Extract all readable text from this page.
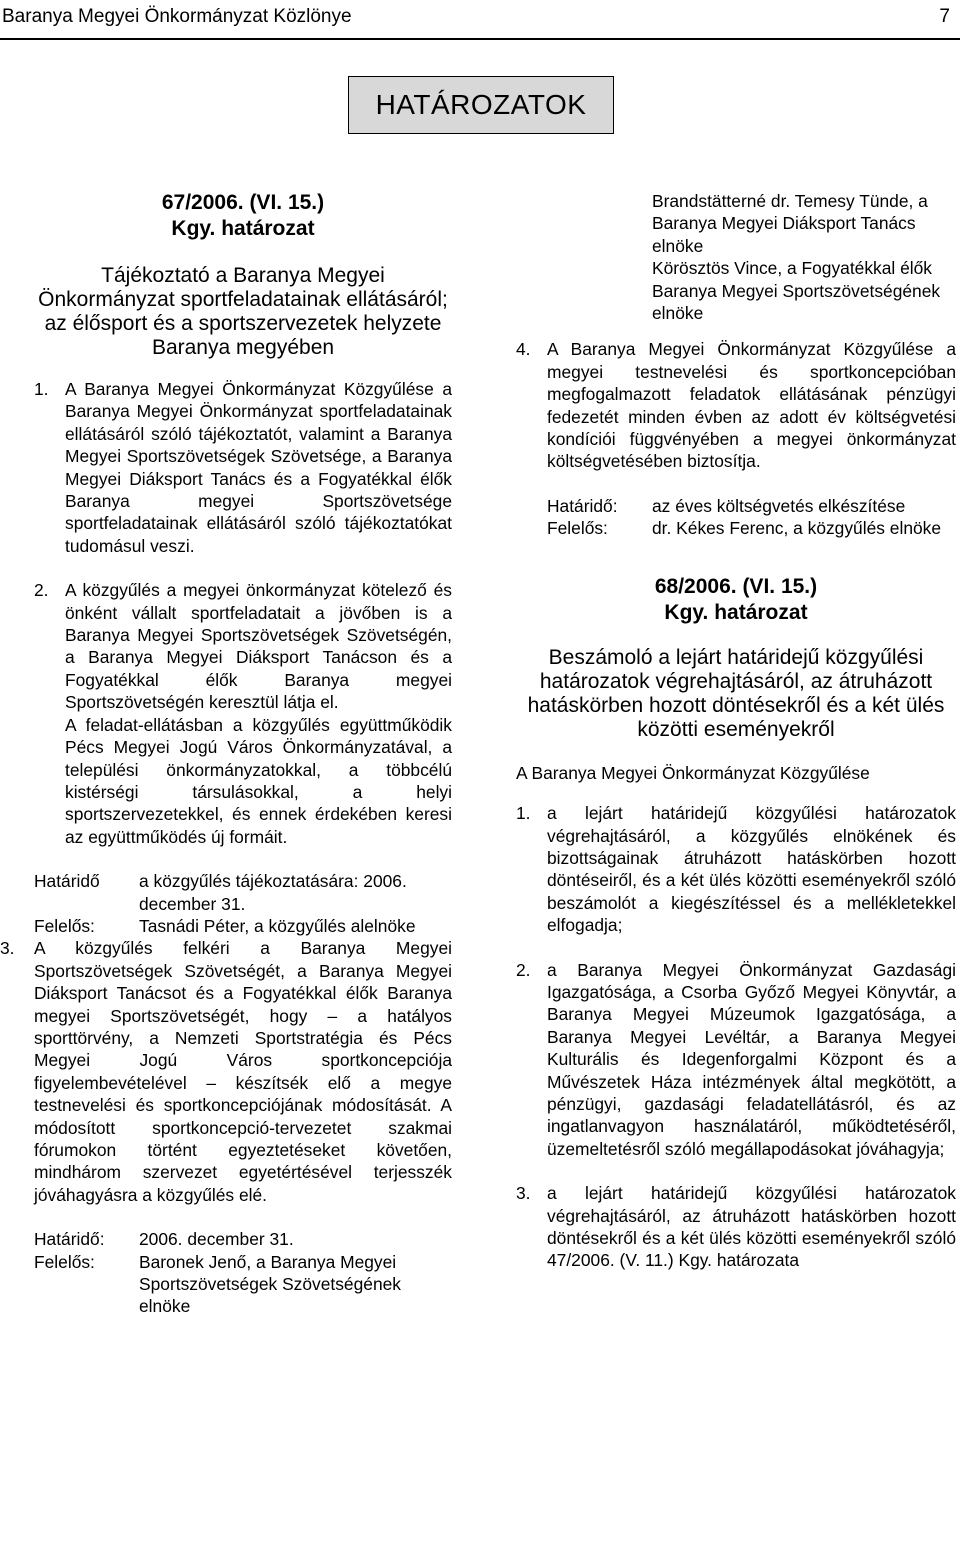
Baranya Megyei Önkormányzat Közlönye	7
HATÁROZATOK
67/2006. (VI. 15.)
Kgy. határozat
Tájékoztató a Baranya Megyei Önkormányzat sportfeladatainak ellátásáról; az élősport és a sportszervezetek helyzete Baranya megyében
1. A Baranya Megyei Önkormányzat Közgyűlése a Baranya Megyei Önkormányzat sportfeladatainak ellátásáról szóló tájékoztatót, valamint a Baranya Megyei Sportszövetségek Szövetsége, a Baranya Megyei Diáksport Tanács és a Fogyatékkal élők Baranya megyei Sportszövetsége sportfeladatainak ellátásáról szóló tájékoztatókat tudomásul veszi.
2. A közgyűlés a megyei önkormányzat kötelező és önként vállalt sportfeladatait a jövőben is a Baranya Megyei Sportszövetségek Szövetségén, a Baranya Megyei Diáksport Tanácson és a Fogyatékkal élők Baranya megyei Sportszövetségén keresztül látja el.
A feladat-ellátásban a közgyűlés együttműködik Pécs Megyei Jogú Város Önkormányzatával, a települési önkormányzatokkal, a többcélú kistérségi társulásokkal, a helyi sportszervezetekkel, és ennek érdekében keresi az együttműködés új formáit.
Határidő	a közgyűlés tájékoztatására: 2006. december 31.
Felelős:	Tasnádi Péter, a közgyűlés alelnöke
3.	A közgyűlés felkéri a Baranya Megyei Sportszövetségek Szövetségét, a Baranya Megyei Diáksport Tanácsot és a Fogyatékkal élők Baranya megyei Sportszövetségét, hogy – a hatályos sporttörvény, a Nemzeti Sportstratégia és Pécs Megyei Jogú Város sportkoncepciója figyelembevételével – készítsék elő a megye testnevelési és sportkoncepciójának módosítását. A módosított sportkoncepció-tervezetet szakmai fórumokon történt egyeztetéseket követően, mindhárom szervezet egyetértésével terjesszék jóváhagyásra a közgyűlés elé.
Határidő:	2006. december 31.
Felelős:	Baronek Jenő, a Baranya Megyei Sportszövetségek Szövetségének elnöke
Brandstätterné dr. Temesy Tünde, a Baranya Megyei Diáksport Tanács elnöke
Körösztös Vince, a Fogyatékkal élők Baranya Megyei Sportszövetségének elnöke
4. A Baranya Megyei Önkormányzat Közgyűlése a megyei testnevelési és sportkoncepcióban megfogalmazott feladatok ellátásának pénzügyi fedezetét minden évben az adott év költségvetési kondíciói függvényében a megyei önkormányzat költségvetésében biztosítja.
Határidő:	az éves költségvetés elkészítése
Felelős:	dr. Kékes Ferenc, a közgyűlés elnöke
68/2006. (VI. 15.)
Kgy. határozat
Beszámoló a lejárt határidejű közgyűlési határozatok végrehajtásáról, az átruházott hatáskörben hozott döntésekről és a két ülés közötti eseményekről
A Baranya Megyei Önkormányzat Közgyűlése
1. a lejárt határidejű közgyűlési határozatok végrehajtásáról, a közgyűlés elnökének és bizottságainak átruházott hatáskörben hozott döntéseiről, és a két ülés közötti eseményekről szóló beszámolót a kiegészítéssel és a mellékletekkel elfogadja;
2. a Baranya Megyei Önkormányzat Gazdasági Igazgatósága, a Csorba Győző Megyei Könyvtár, a Baranya Megyei Múzeumok Igazgatósága, a Baranya Megyei Levéltár, a Baranya Megyei Kulturális és Idegenforgalmi Központ és a Művészetek Háza intézmények által megkötött, a pénzügyi, gazdasági feladatellátásról, és az ingatlanvagyon használatáról, működtetéséről, üzemeltetésről szóló megállapodásokat jóváhagyja;
3. a lejárt határidejű közgyűlési határozatok végrehajtásáról, az átruházott hatáskörben hozott döntésekről és a két ülés közötti eseményekről szóló 47/2006. (V. 11.) Kgy. határozata
